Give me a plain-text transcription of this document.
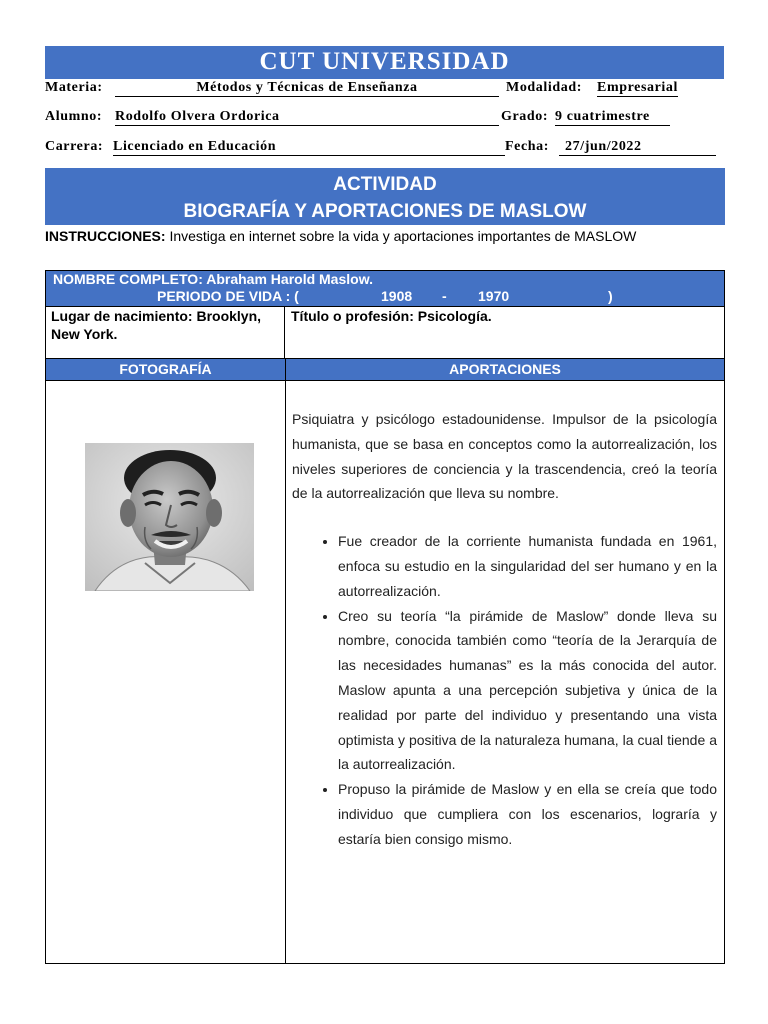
CUT UNIVERSIDAD
Materia:	Métodos y Técnicas de Enseñanza	Modalidad: Empresarial
Alumno: Rodolfo Olvera Ordorica	Grado: 9 cuatrimestre
Carrera: Licenciado en Educación	Fecha:	27/jun/2022
ACTIVIDAD
BIOGRAFÍA Y APORTACIONES DE MASLOW
INSTRUCCIONES: Investiga en internet sobre la vida y aportaciones importantes de MASLOW
NOMBRE COMPLETO: Abraham Harold Maslow.
PERIODO DE VIDA : (	1908 - 1970	)
Lugar de nacimiento: Brooklyn, New York.
Título o profesión: Psicología.
FOTOGRAFÍA	APORTACIONES

Psiquiatra y psicólogo estadounidense. Impulsor de la psicología humanista, que se basa en conceptos como la autorrealización, los niveles superiores de conciencia y la trascendencia, creó la teoría de la autorrealización que lleva su nombre.

• Fue creador de la corriente humanista fundada en 1961, enfoca su estudio en la singularidad del ser humano y en la autorrealización.
• Creo su teoría “la pirámide de Maslow” donde lleva su nombre, conocida también como “teoría de la Jerarquía de las necesidades humanas” es la más conocida del autor. Maslow apunta a una percepción subjetiva y única de la realidad por parte del individuo y presentando una vista optimista y positiva de la naturaleza humana, la cual tiende a la autorrealización.
• Propuso la pirámide de Maslow y en ella se creía que todo individuo que cumpliera con los escenarios, lograría y estaría bien consigo mismo.
